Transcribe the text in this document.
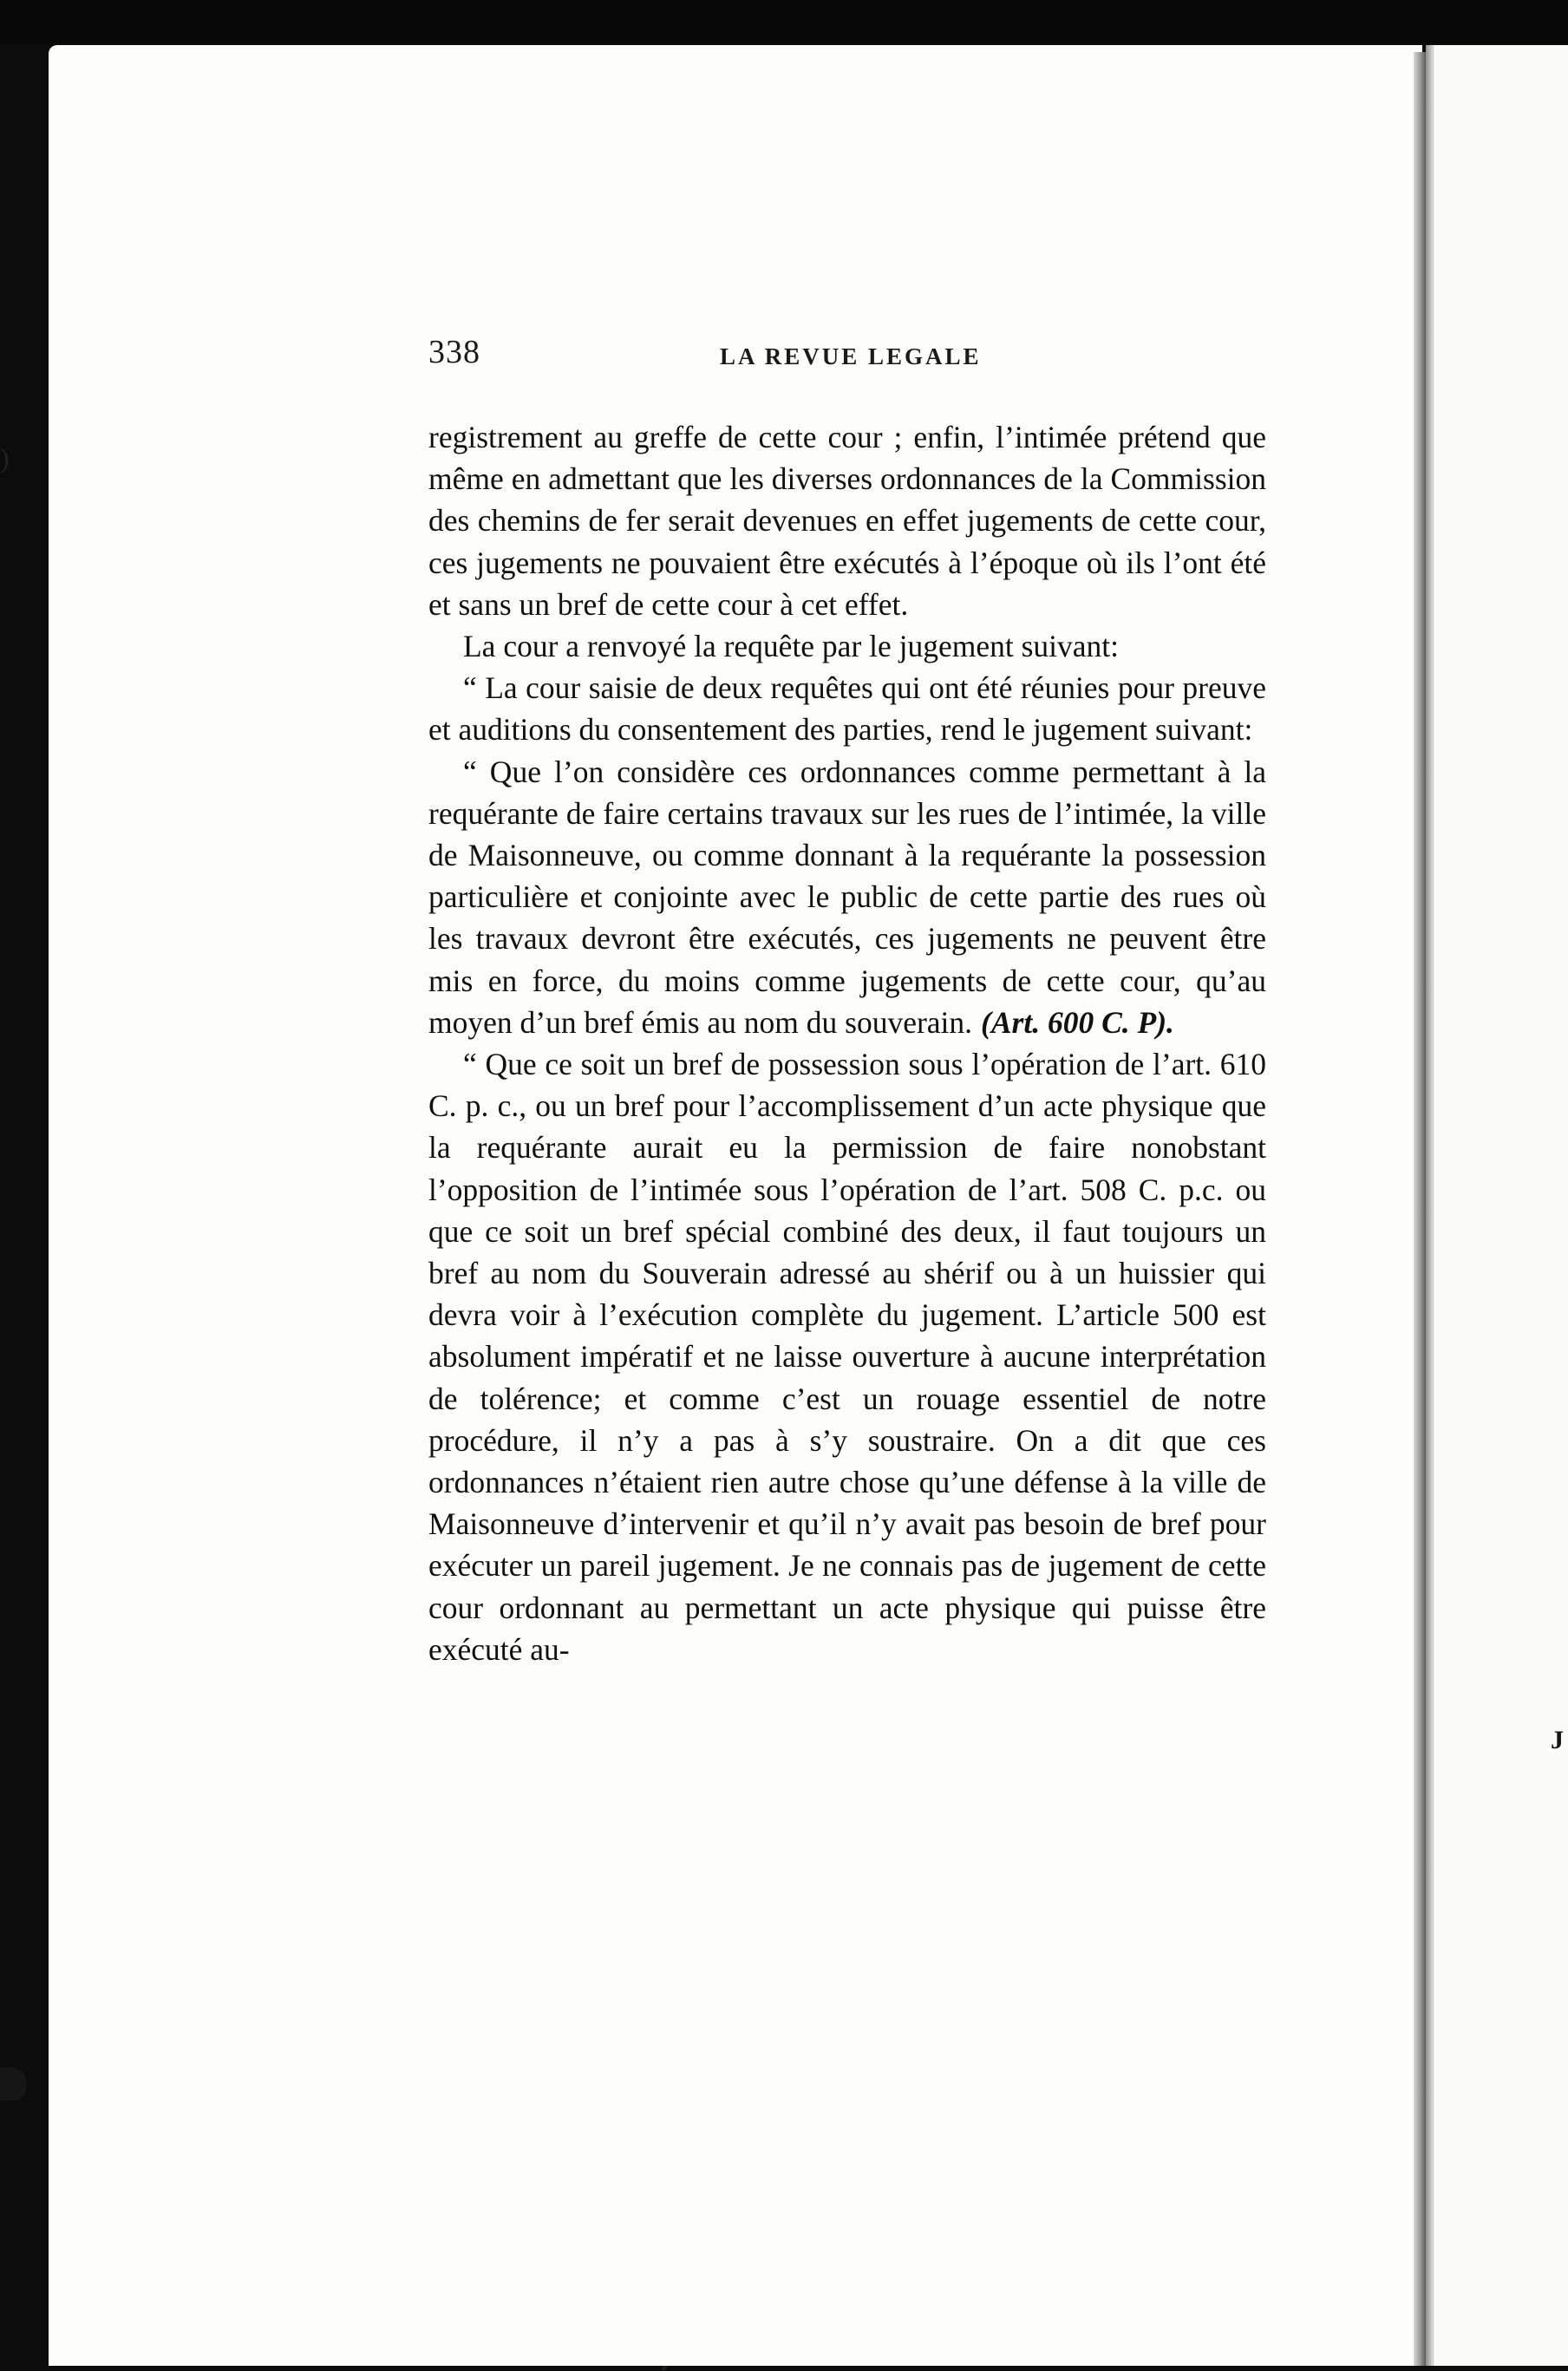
)
J
338	LA REVUE LEGALE

registrement au greffe de cette cour ; enfin, l’intimée prétend que même en admettant que les diverses ordonnances de la Commission des chemins de fer serait devenues en effet jugements de cette cour, ces jugements ne pouvaient être exécutés à l’époque où ils l’ont été et sans un bref de cette cour à cet effet.

La cour a renvoyé la requête par le jugement suivant:

“ La cour saisie de deux requêtes qui ont été réunies pour preuve et auditions du consentement des parties, rend le jugement suivant:

“ Que l’on considère ces ordonnances comme permettant à la requérante de faire certains travaux sur les rues de l’intimée, la ville de Maisonneuve, ou comme donnant à la requérante la possession particulière et conjointe avec le public de cette partie des rues où les travaux devront être exécutés, ces jugements ne peuvent être mis en force, du moins comme jugements de cette cour, qu’au moyen d’un bref émis au nom du souverain. (Art. 600 C. P).

“ Que ce soit un bref de possession sous l’opération de l’art. 610 C. p. c., ou un bref pour l’accomplissement d’un acte physique que la requérante aurait eu la permission de faire nonobstant l’opposition de l’intimée sous l’opération de l’art. 508 C. p.c. ou que ce soit un bref spécial combiné des deux, il faut toujours un bref au nom du Souverain adressé au shérif ou à un huissier qui devra voir à l’exécution complète du jugement. L’article 500 est absolument impératif et ne laisse ouverture à aucune interprétation de tolérence; et comme c’est un rouage essentiel de notre procédure, il n’y a pas à s’y soustraire. On a dit que ces ordonnances n’étaient rien autre chose qu’une défense à la ville de Maisonneuve d’intervenir et qu’il n’y avait pas besoin de bref pour exécuter un pareil jugement. Je ne connais pas de jugement de cette cour ordonnant au permettant un acte physique qui puisse être exécuté au-
